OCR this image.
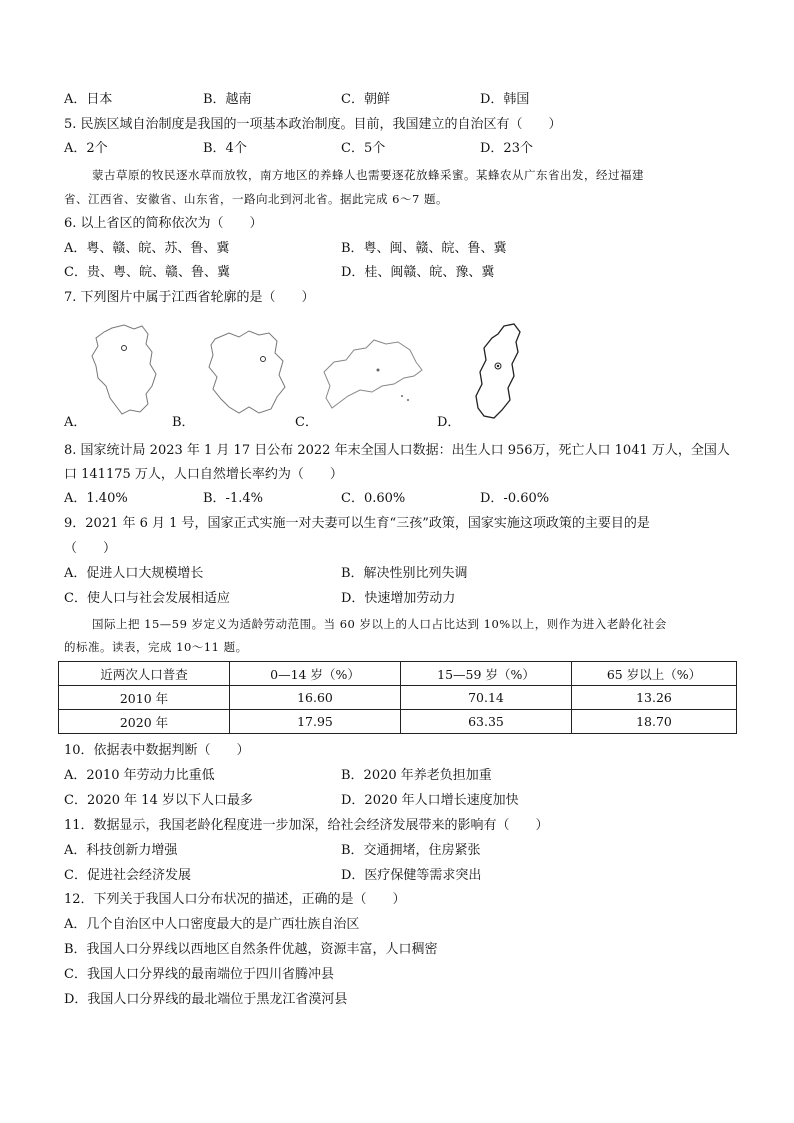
A．日本	B．越南	C．朝鲜	D．韩国
5. 民族区域自治制度是我国的一项基本政治制度。目前，我国建立的自治区有（　　）
A．2个	B．4个	C．5个	D．23个
蒙古草原的牧民逐水草而放牧，南方地区的养蜂人也需要逐花放蜂采蜜。某蜂农从广东省出发，经过福建
省、江西省、安徽省、山东省，一路向北到河北省。据此完成 6～7 题。
6. 以上省区的简称依次为（　　）
A．粤、赣、皖、苏、鲁、冀	B．粤、闽、赣、皖、鲁、冀
C．贵、粤、皖、赣、鲁、冀	D．桂、闽赣、皖、豫、冀
7. 下列图片中属于江西省轮廓的是（　　）
A．	B．	C．	D．
8. 国家统计局 2023 年 1 月 17 日公布 2022 年末全国人口数据：出生人口 956万，死亡人口 1041 万人，全国人
口 141175 万人，人口自然增长率约为（　　）
A．1.40%	B．-1.4%	C．0.60%	D．-0.60%
9．2021 年 6 月 1 号，国家正式实施一对夫妻可以生育“三孩”政策，国家实施这项政策的主要目的是
（　　）
A．促进人口大规模增长	B．解决性别比列失调
C．使人口与社会发展相适应	D．快速增加劳动力
国际上把 15—59 岁定义为适龄劳动范围。当 60 岁以上的人口占比达到 10%以上，则作为进入老龄化社会
的标准。读表，完成 10～11 题。
近两次人口普查	0—14 岁（%）	15—59 岁（%）	65 岁以上（%）
2010 年	16.60	70.14	13.26
2020 年	17.95	63.35	18.70
10．依据表中数据判断（　　）
A．2010 年劳动力比重低	B．2020 年养老负担加重
C．2020 年 14 岁以下人口最多	D．2020 年人口增长速度加快
11．数据显示，我国老龄化程度进一步加深，给社会经济发展带来的影响有（　　）
A．科技创新力增强	B．交通拥堵，住房紧张
C．促进社会经济发展	D．医疗保健等需求突出
12．下列关于我国人口分布状况的描述，正确的是（　　）
A．几个自治区中人口密度最大的是广西壮族自治区
B．我国人口分界线以西地区自然条件优越，资源丰富，人口稠密
C．我国人口分界线的最南端位于四川省腾冲县
D．我国人口分界线的最北端位于黑龙江省漠河县
